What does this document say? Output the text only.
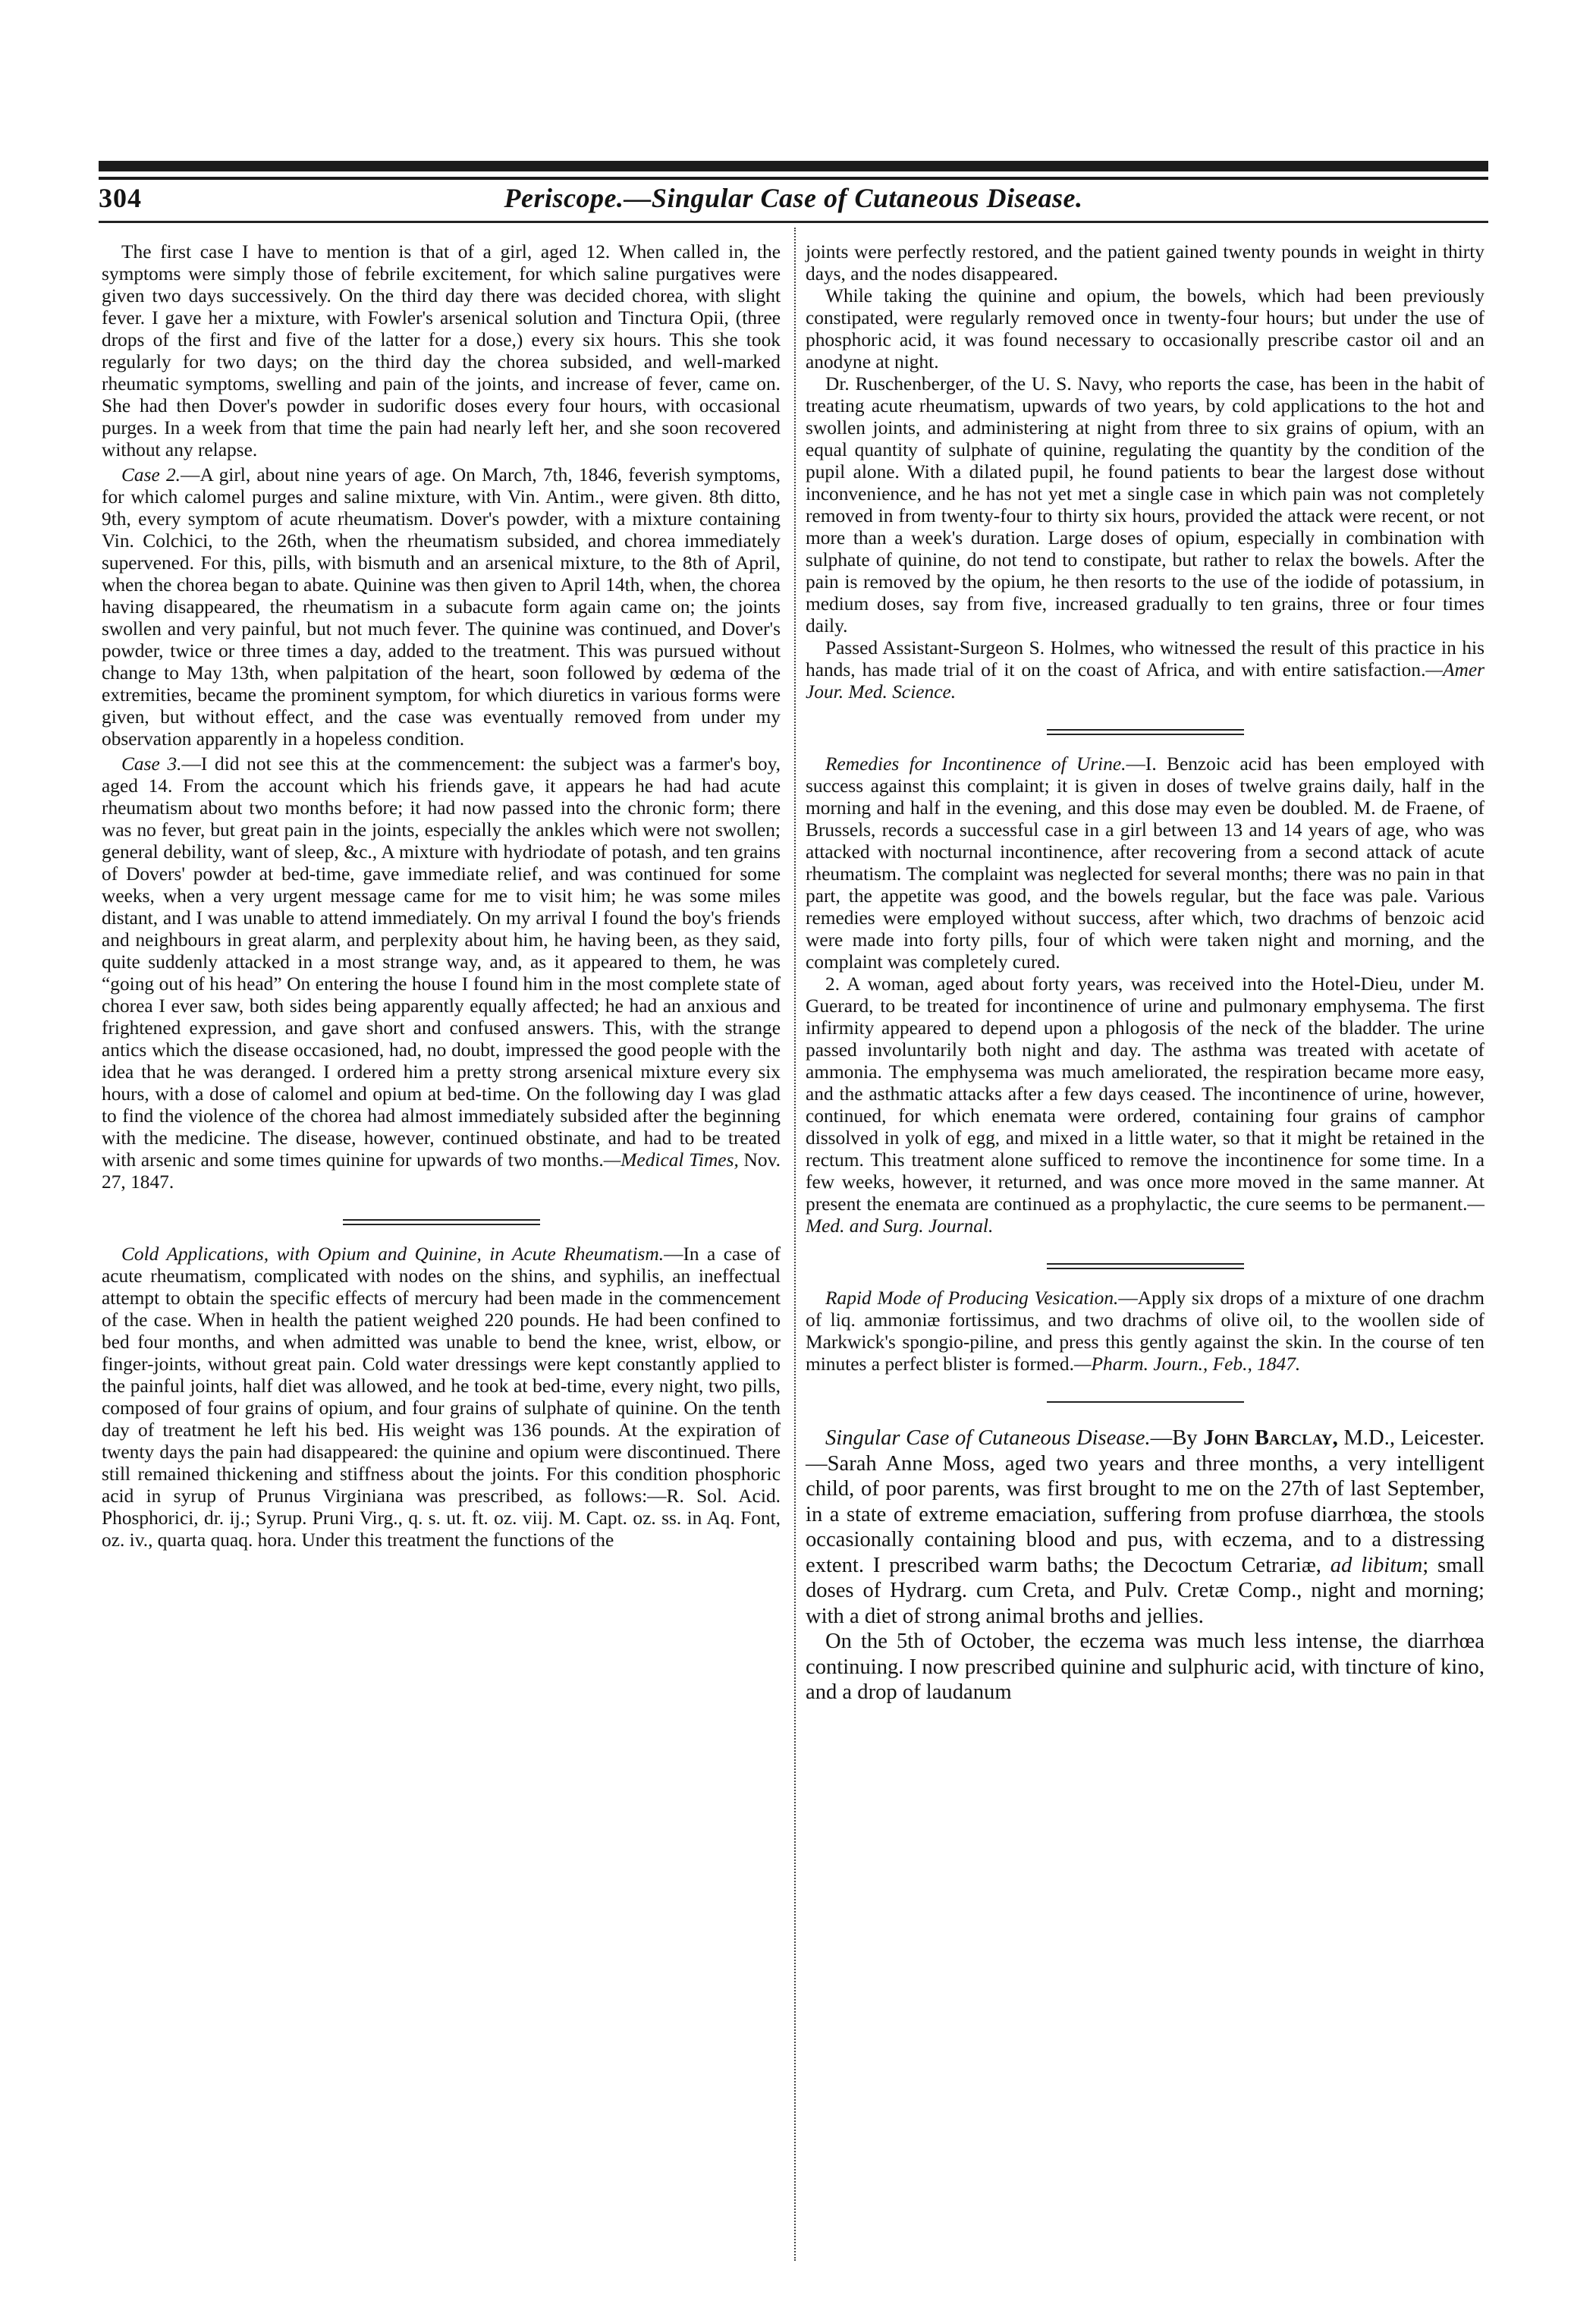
Periscope.—Singular Case of Cutaneous Disease.
304

The first case I have to mention is that of a girl, aged 12. When called in, the symptoms were simply those of febrile excitement, for which saline purgatives were given two days successively. On the third day there was decided chorea, with slight fever. I gave her a mixture, with Fowler's arsenical solution and Tinctura Opii, (three drops of the first and five of the latter for a dose,) every six hours. This she took regularly for two days; on the third day the chorea subsided, and well-marked rheumatic symptoms, swelling and pain of the joints, and increase of fever, came on. She had then Dover's powder in sudorific doses every four hours, with occasional purges. In a week from that time the pain had nearly left her, and she soon recovered without any relapse.

Case 2.—A girl, about nine years of age. On March, 7th, 1846, feverish symptoms, for which calomel purges and saline mixture, with Vin. Antim., were given. 8th ditto, 9th, every symptom of acute rheumatism. Dover's powder, with a mixture containing Vin. Colchici, to the 26th, when the rheumatism subsided, and chorea immediately supervened. For this, pills, with bismuth and an arsenical mixture, to the 8th of April, when the chorea began to abate. Quinine was then given to April 14th, when, the chorea having disappeared, the rheumatism in a subacute form again came on; the joints swollen and very painful, but not much fever. The quinine was continued, and Dover's powder, twice or three times a day, added to the treatment. This was pursued without change to May 13th, when palpitation of the heart, soon followed by œdema of the extremities, became the prominent symptom, for which diuretics in various forms were given, but without effect, and the case was eventually removed from under my observation apparently in a hopeless condition.

Case 3.—I did not see this at the commencement: the subject was a farmer's boy, aged 14. From the account which his friends gave, it appears he had had acute rheumatism about two months before; it had now passed into the chronic form; there was no fever, but great pain in the joints, especially the ankles which were not swollen; general debility, want of sleep, &c., A mixture with hydriodate of potash, and ten grains of Dovers' powder at bed-time, gave immediate relief, and was continued for some weeks, when a very urgent message came for me to visit him; he was some miles distant, and I was unable to attend immediately. On my arrival I found the boy's friends and neighbours in great alarm, and perplexity about him, he having been, as they said, quite suddenly attacked in a most strange way, and, as it appeared to them, he was “going out of his head” On entering the house I found him in the most complete state of chorea I ever saw, both sides being apparently equally affected; he had an anxious and frightened expression, and gave short and confused answers. This, with the strange antics which the disease occasioned, had, no doubt, impressed the good people with the idea that he was deranged. I ordered him a pretty strong arsenical mixture every six hours, with a dose of calomel and opium at bed-time. On the following day I was glad to find the violence of the chorea had almost immediately subsided after the beginning with the medicine. The disease, however, continued obstinate, and had to be treated with arsenic and some times quinine for upwards of two months.—Medical Times, Nov. 27, 1847.

Cold Applications, with Opium and Quinine, in Acute Rheumatism.—In a case of acute rheumatism, complicated with nodes on the shins, and syphilis, an ineffectual attempt to obtain the specific effects of mercury had been made in the commencement of the case. When in health the patient weighed 220 pounds. He had been confined to bed four months, and when admitted was unable to bend the knee, wrist, elbow, or finger-joints, without great pain. Cold water dressings were kept constantly applied to the painful joints, half diet was allowed, and he took at bed-time, every night, two pills, composed of four grains of opium, and four grains of sulphate of quinine. On the tenth day of treatment he left his bed. His weight was 136 pounds. At the expiration of twenty days the pain had disappeared: the quinine and opium were discontinued. There still remained thickening and stiffness about the joints. For this condition phosphoric acid in syrup of Prunus Virginiana was prescribed, as follows:—R. Sol. Acid. Phosphorici, dr. ij.; Syrup. Pruni Virg., q. s. ut. ft. oz. viij. M. Capt. oz. ss. in Aq. Font, oz. iv., quarta quaq. hora. Under this treatment the functions of the

joints were perfectly restored, and the patient gained twenty pounds in weight in thirty days, and the nodes disappeared.

While taking the quinine and opium, the bowels, which had been previously constipated, were regularly removed once in twenty-four hours; but under the use of phosphoric acid, it was found necessary to occasionally prescribe castor oil and an anodyne at night.

Dr. Ruschenberger, of the U. S. Navy, who reports the case, has been in the habit of treating acute rheumatism, upwards of two years, by cold applications to the hot and swollen joints, and administering at night from three to six grains of opium, with an equal quantity of sulphate of quinine, regulating the quantity by the condition of the pupil alone. With a dilated pupil, he found patients to bear the largest dose without inconvenience, and he has not yet met a single case in which pain was not completely removed in from twenty-four to thirty six hours, provided the attack were recent, or not more than a week's duration. Large doses of opium, especially in combination with sulphate of quinine, do not tend to constipate, but rather to relax the bowels. After the pain is removed by the opium, he then resorts to the use of the iodide of potassium, in medium doses, say from five, increased gradually to ten grains, three or four times daily.

Passed Assistant-Surgeon S. Holmes, who witnessed the result of this practice in his hands, has made trial of it on the coast of Africa, and with entire satisfaction.—Amer Jour. Med. Science.

Remedies for Incontinence of Urine.—I. Benzoic acid has been employed with success against this complaint; it is given in doses of twelve grains daily, half in the morning and half in the evening, and this dose may even be doubled. M. de Fraene, of Brussels, records a successful case in a girl between 13 and 14 years of age, who was attacked with nocturnal incontinence, after recovering from a second attack of acute rheumatism. The complaint was neglected for several months; there was no pain in that part, the appetite was good, and the bowels regular, but the face was pale. Various remedies were employed without success, after which, two drachms of benzoic acid were made into forty pills, four of which were taken night and morning, and the complaint was completely cured.

2. A woman, aged about forty years, was received into the Hotel-Dieu, under M. Guerard, to be treated for incontinence of urine and pulmonary emphysema. The first infirmity appeared to depend upon a phlogosis of the neck of the bladder. The urine passed involuntarily both night and day. The asthma was treated with acetate of ammonia. The emphysema was much ameliorated, the respiration became more easy, and the asthmatic attacks after a few days ceased. The incontinence of urine, however, continued, for which enemata were ordered, containing four grains of camphor dissolved in yolk of egg, and mixed in a little water, so that it might be retained in the rectum. This treatment alone sufficed to remove the incontinence for some time. In a few weeks, however, it returned, and was once more moved in the same manner. At present the enemata are continued as a prophylactic, the cure seems to be permanent.—Med. and Surg. Journal.

Rapid Mode of Producing Vesication.—Apply six drops of a mixture of one drachm of liq. ammoniæ fortissimus, and two drachms of olive oil, to the woollen side of Markwick's spongio-piline, and press this gently against the skin. In the course of ten minutes a perfect blister is formed.—Pharm. Journ., Feb., 1847.

Singular Case of Cutaneous Disease.—By John Barclay, M.D., Leicester.—Sarah Anne Moss, aged two years and three months, a very intelligent child, of poor parents, was first brought to me on the 27th of last September, in a state of extreme emaciation, suffering from profuse diarrhœa, the stools occasionally containing blood and pus, with eczema, and to a distressing extent. I prescribed warm baths; the Decoctum Cetrariæ, ad libitum; small doses of Hydrarg. cum Creta, and Pulv. Cretæ Comp., night and morning; with a diet of strong animal broths and jellies.

On the 5th of October, the eczema was much less intense, the diarrhœa continuing. I now prescribed quinine and sulphuric acid, with tincture of kino, and a drop of laudanum
